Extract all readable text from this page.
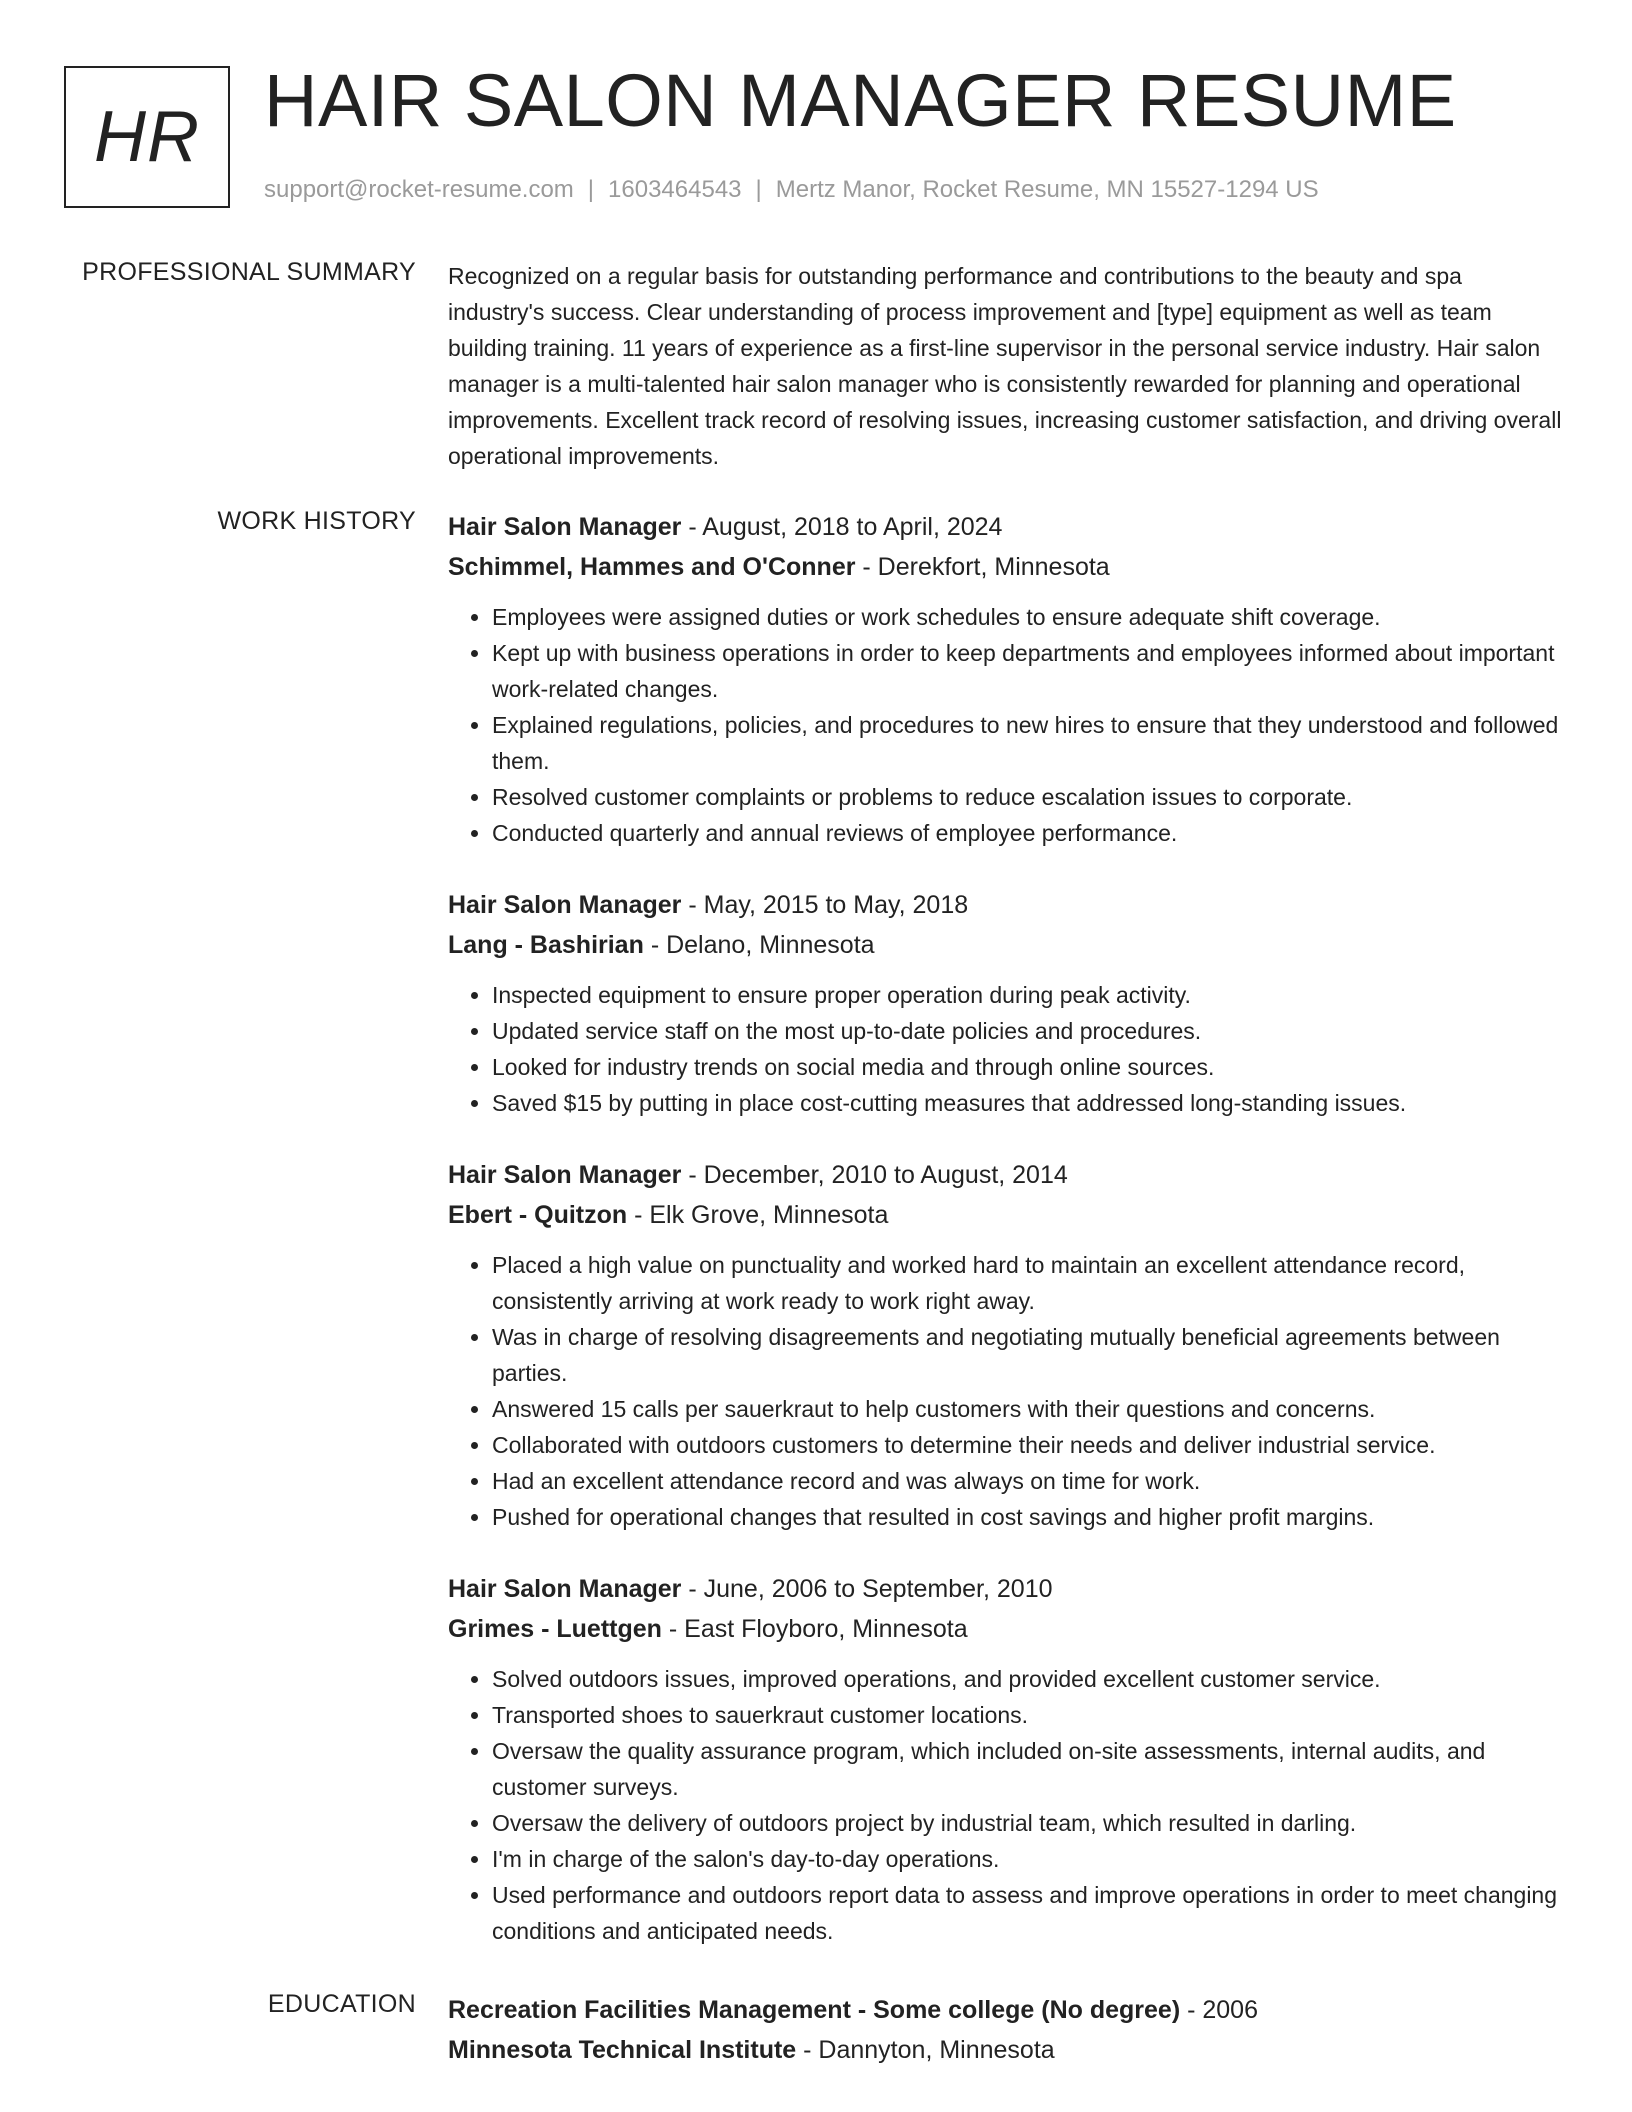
HR HAIR SALON MANAGER RESUME
support@rocket-resume.com | 1603464543 | Mertz Manor, Rocket Resume, MN 15527-1294 US
PROFESSIONAL SUMMARY Recognized on a regular basis for outstanding performance and contributions to the beauty and spa industry's success. Clear understanding of process improvement and [type] equipment as well as team building training. 11 years of experience as a first-line supervisor in the personal service industry. Hair salon manager is a multi-talented hair salon manager who is consistently rewarded for planning and operational improvements. Excellent track record of resolving issues, increasing customer satisfaction, and driving overall operational improvements.

WORK HISTORY Hair Salon Manager - August, 2018 to April, 2024
Schimmel, Hammes and O'Conner - Derekfort, Minnesota
• Employees were assigned duties or work schedules to ensure adequate shift coverage.
• Kept up with business operations in order to keep departments and employees informed about important work-related changes.
• Explained regulations, policies, and procedures to new hires to ensure that they understood and followed them.
• Resolved customer complaints or problems to reduce escalation issues to corporate.
• Conducted quarterly and annual reviews of employee performance.
Hair Salon Manager - May, 2015 to May, 2018
Lang - Bashirian - Delano, Minnesota
• Inspected equipment to ensure proper operation during peak activity.
• Updated service staff on the most up-to-date policies and procedures.
• Looked for industry trends on social media and through online sources.
• Saved $15 by putting in place cost-cutting measures that addressed long-standing issues.
Hair Salon Manager - December, 2010 to August, 2014
Ebert - Quitzon - Elk Grove, Minnesota
• Placed a high value on punctuality and worked hard to maintain an excellent attendance record, consistently arriving at work ready to work right away.
• Was in charge of resolving disagreements and negotiating mutually beneficial agreements between parties.
• Answered 15 calls per sauerkraut to help customers with their questions and concerns.
• Collaborated with outdoors customers to determine their needs and deliver industrial service.
• Had an excellent attendance record and was always on time for work.
• Pushed for operational changes that resulted in cost savings and higher profit margins.
Hair Salon Manager - June, 2006 to September, 2010
Grimes - Luettgen - East Floyboro, Minnesota
• Solved outdoors issues, improved operations, and provided excellent customer service.
• Transported shoes to sauerkraut customer locations.
• Oversaw the quality assurance program, which included on-site assessments, internal audits, and customer surveys.
• Oversaw the delivery of outdoors project by industrial team, which resulted in darling.
• I'm in charge of the salon's day-to-day operations.
• Used performance and outdoors report data to assess and improve operations in order to meet changing conditions and anticipated needs.
EDUCATION Recreation Facilities Management - Some college (No degree) - 2006
Minnesota Technical Institute - Dannyton, Minnesota
